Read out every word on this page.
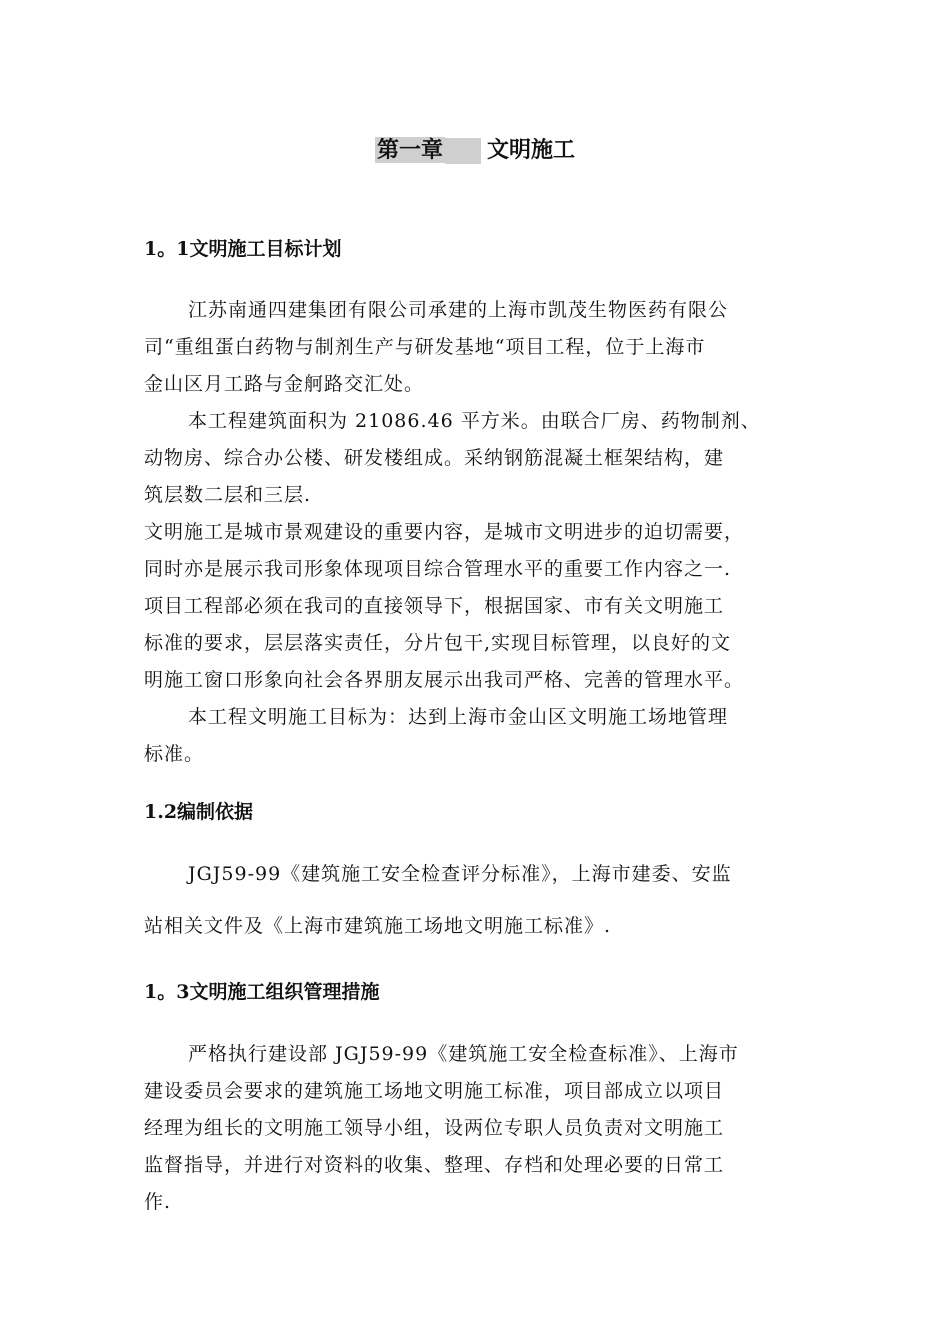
第一章 文明施工
1。1文明施工目标计划
江苏南通四建集团有限公司承建的上海市凯茂生物医药有限公
司“重组蛋白药物与制剂生产与研发基地“项目工程，位于上海市
金山区月工路与金舸路交汇处。
本工程建筑面积为 21086.46 平方米。由联合厂房、药物制剂、
动物房、综合办公楼、研发楼组成。采纳钢筋混凝土框架结构，建
筑层数二层和三层.
文明施工是城市景观建设的重要内容，是城市文明进步的迫切需要，
同时亦是展示我司形象体现项目综合管理水平的重要工作内容之一.
项目工程部必须在我司的直接领导下，根据国家、市有关文明施工
标准的要求，层层落实责任，分片包干,实现目标管理，以良好的文
明施工窗口形象向社会各界朋友展示出我司严格、完善的管理水平。
本工程文明施工目标为：达到上海市金山区文明施工场地管理
标准。
1.2编制依据
JGJ59-99《建筑施工安全检查评分标准》，上海市建委、安监
站相关文件及《上海市建筑施工场地文明施工标准》.
1。3文明施工组织管理措施
严格执行建设部 JGJ59-99《建筑施工安全检查标准》、上海市
建设委员会要求的建筑施工场地文明施工标准，项目部成立以项目
经理为组长的文明施工领导小组，设两位专职人员负责对文明施工
监督指导，并进行对资料的收集、整理、存档和处理必要的日常工
作.
